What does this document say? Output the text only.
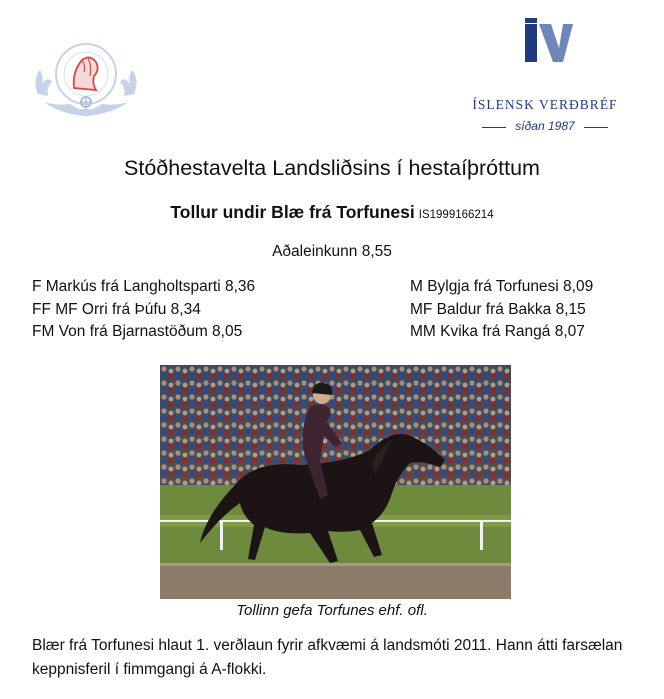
ÍSLENSK VERÐBRÉF
síðan 1987
Stóðhestavelta Landsliðsins í hestaíþróttum
Tollur undir Blæ frá Torfunesi IS1999166214
Aðaleinkunn 8,55
F Markús frá Langholtsparti 8,36
FF MF Orri frá Þúfu 8,34
FM Von frá Bjarnastöðum 8,05
M Bylgja frá Torfunesi 8,09
MF Baldur frá Bakka 8,15
MM Kvika frá Rangá 8,07
Tollinn gefa Torfunes ehf. ofl.
Blær frá Torfunesi hlaut 1. verðlaun fyrir afkvæmi á landsmóti 2011. Hann átti farsælan keppnisferil í fimmgangi á A-flokki.
